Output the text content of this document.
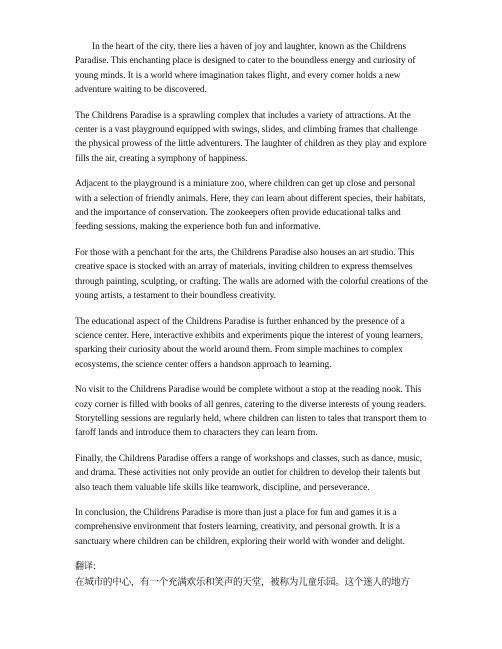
In the heart of the city, there lies a haven of joy and laughter, known as the Childrens Paradise. This enchanting place is designed to cater to the boundless energy and curiosity of young minds. It is a world where imagination takes flight, and every corner holds a new adventure waiting to be discovered.

The Childrens Paradise is a sprawling complex that includes a variety of attractions. At the center is a vast playground equipped with swings, slides, and climbing frames that challenge the physical prowess of the little adventurers. The laughter of children as they play and explore fills the air, creating a symphony of happiness.

Adjacent to the playground is a miniature zoo, where children can get up close and personal with a selection of friendly animals. Here, they can learn about different species, their habitats, and the importance of conservation. The zookeepers often provide educational talks and feeding sessions, making the experience both fun and informative.

For those with a penchant for the arts, the Childrens Paradise also houses an art studio. This creative space is stocked with an array of materials, inviting children to express themselves through painting, sculpting, or crafting. The walls are adorned with the colorful creations of the young artists, a testament to their boundless creativity.

The educational aspect of the Childrens Paradise is further enhanced by the presence of a science center. Here, interactive exhibits and experiments pique the interest of young learners, sparking their curiosity about the world around them. From simple machines to complex ecosystems, the science center offers a handson approach to learning.

No visit to the Childrens Paradise would be complete without a stop at the reading nook. This cozy corner is filled with books of all genres, catering to the diverse interests of young readers. Storytelling sessions are regularly held, where children can listen to tales that transport them to faroff lands and introduce them to characters they can learn from.

Finally, the Childrens Paradise offers a range of workshops and classes, such as dance, music, and drama. These activities not only provide an outlet for children to develop their talents but also teach them valuable life skills like teamwork, discipline, and perseverance.

In conclusion, the Childrens Paradise is more than just a place for fun and games it is a comprehensive environment that fosters learning, creativity, and personal growth. It is a sanctuary where children can be children, exploring their world with wonder and delight.

翻译:

在城市的中心，有一个充满欢乐和笑声的天堂，被称为儿童乐园。这个迷人的地方
